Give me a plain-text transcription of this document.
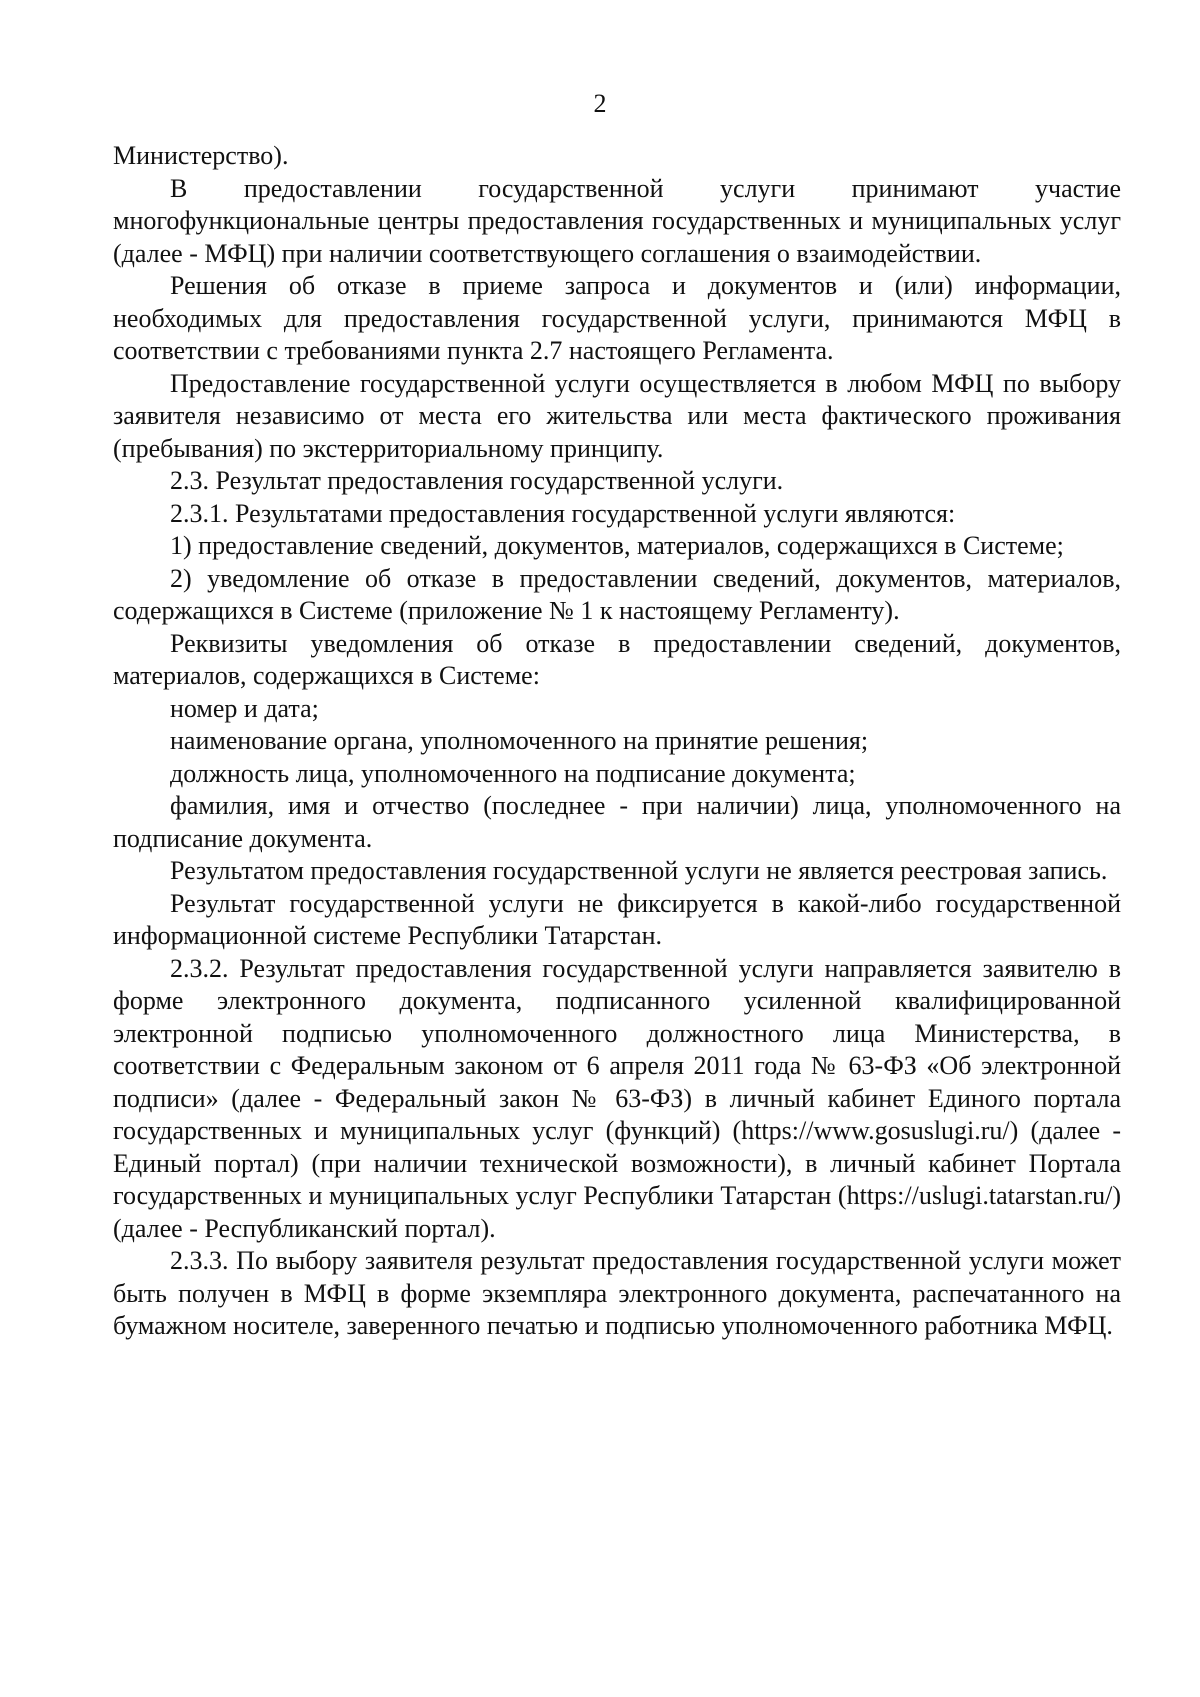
2

Министерство).

В предоставлении государственной услуги принимают участие многофункциональные центры предоставления государственных и муниципальных услуг (далее - МФЦ) при наличии соответствующего соглашения о взаимодействии.

Решения об отказе в приеме запроса и документов и (или) информации, необходимых для предоставления государственной услуги, принимаются МФЦ в соответствии с требованиями пункта 2.7 настоящего Регламента.

Предоставление государственной услуги осуществляется в любом МФЦ по выбору заявителя независимо от места его жительства или места фактического проживания (пребывания) по экстерриториальному принципу.

2.3. Результат предоставления государственной услуги.

2.3.1. Результатами предоставления государственной услуги являются:

1) предоставление сведений, документов, материалов, содержащихся в Системе;

2) уведомление об отказе в предоставлении сведений, документов, материалов, содержащихся в Системе (приложение № 1 к настоящему Регламенту).

Реквизиты уведомления об отказе в предоставлении сведений, документов, материалов, содержащихся в Системе:

номер и дата;

наименование органа, уполномоченного на принятие решения;

должность лица, уполномоченного на подписание документа;

фамилия, имя и отчество (последнее - при наличии) лица, уполномоченного на подписание документа.

Результатом предоставления государственной услуги не является реестровая запись.

Результат государственной услуги не фиксируется в какой-либо государственной информационной системе Республики Татарстан.

2.3.2. Результат предоставления государственной услуги направляется заявителю в форме электронного документа, подписанного усиленной квалифицированной электронной подписью уполномоченного должностного лица Министерства, в соответствии с Федеральным законом от 6 апреля 2011 года № 63-ФЗ «Об электронной подписи» (далее - Федеральный закон № 63-ФЗ) в личный кабинет Единого портала государственных и муниципальных услуг (функций) (https://www.gosuslugi.ru/) (далее - Единый портал) (при наличии технической возможности), в личный кабинет Портала государственных и муниципальных услуг Республики Татарстан (https://uslugi.tatarstan.ru/) (далее - Республиканский портал).

2.3.3. По выбору заявителя результат предоставления государственной услуги может быть получен в МФЦ в форме экземпляра электронного документа, распечатанного на бумажном носителе, заверенного печатью и подписью уполномоченного работника МФЦ.
